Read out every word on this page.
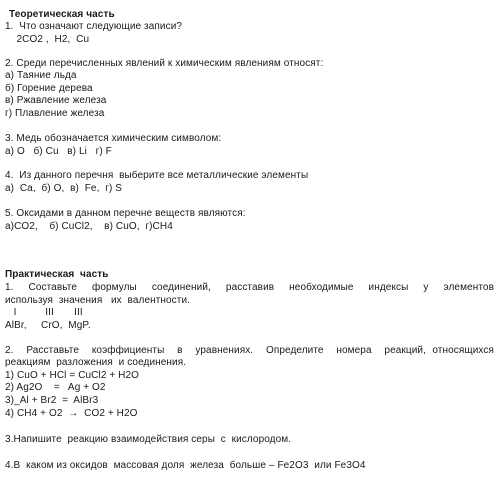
Теоретическая часть
1.  Что означают следующие записи?
2CO2 ,  H2,  Cu
2. Среди перечисленных явлений к химическим явлениям относят:
а) Таяние льда
б) Горение дерева
в) Ржавление железа
г) Плавление железа
3. Медь обозначается химическим символом:
а) O   б) Cu   в) Li   г) F
4.  Из данного перечня  выберите все металлические элементы
а)  Ca,  б) O,  в)  Fe,  г) S
5. Оксидами в данном перечне веществ являются:
а)CO2,    б) CuCl2,    в) CuO,  г)CH4
Практическая  часть
1.  Составьте  формулы  соединений,  расставив  необходимые  индексы  у  элементов
используя  значения   их  валентности.
I          III       III
AlBr,     CrO,  MgP.
2.  Расставьте  коэффициенты  в  уравнениях.  Определите  номера  реакций, относящихся
реакциям  разложения  и соединения.
1) CuO + HCl = CuCl2 + H2O
2) Ag2O    =   Ag + O2
3)_Al + Br2  =  AlBr3
4) CH4 + O2  →  CO2 + H2O
3.Напишите  реакцию взаимодействия серы  с  кислородом.
4.В  каком из оксидов  массовая доля  железа  больше – Fe2O3  или Fe3O4
